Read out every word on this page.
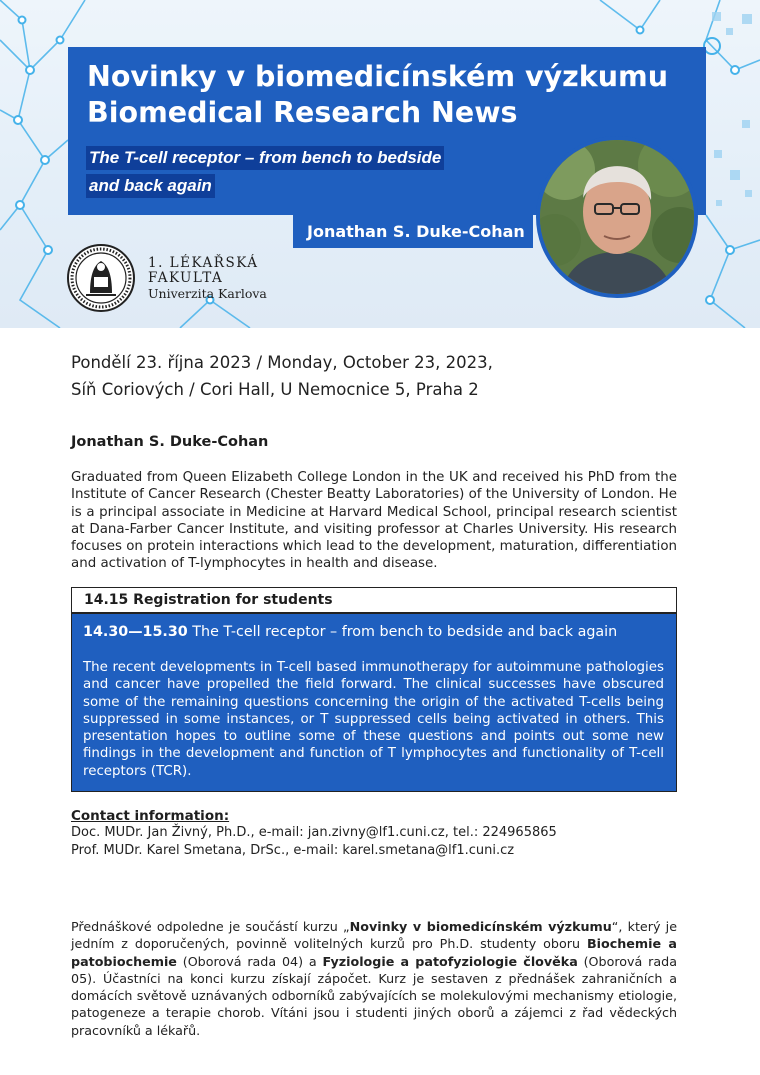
Novinky v biomedicínském výzkumu
Biomedical Research News
The T-cell receptor – from bench to bedside
and back again
Jonathan S. Duke-Cohan
1. LÉKAŘSKÁ
FAKULTA
Univerzita Karlova
Pondělí 23. října 2023 / Monday, October 23, 2023,
Síň Coriových / Cori Hall, U Nemocnice 5, Praha 2
Jonathan S. Duke-Cohan
Graduated from Queen Elizabeth College London in the UK and received his PhD from the Institute of Cancer Research (Chester Beatty Laboratories) of the University of London. He is a principal associate in Medicine at Harvard Medical School, principal research scientist at Dana-Farber Cancer Institute, and visiting professor at Charles University. His research focuses on protein interactions which lead to the development, maturation, differentiation and activation of T-lymphocytes in health and disease.
14.15 Registration for students
14.30—15.30 The T-cell receptor – from bench to bedside and back again
The recent developments in T-cell based immunotherapy for autoimmune pathologies and cancer have propelled the field forward. The clinical successes have obscured some of the remaining questions concerning the origin of the activated T-cells being suppressed in some instances, or T suppressed cells being activated in others. This presentation hopes to outline some of these questions and points out some new findings in the development and function of T lymphocytes and functionality of T-cell receptors (TCR).
Contact information:
Doc. MUDr. Jan Živný, Ph.D., e-mail: jan.zivny@lf1.cuni.cz, tel.: 224965865
Prof. MUDr. Karel Smetana, DrSc., e-mail: karel.smetana@lf1.cuni.cz
Přednáškové odpoledne je součástí kurzu „Novinky v biomedicínském výzkumu“, který je jedním z doporučených, povinně volitelných kurzů pro Ph.D. studenty oboru Biochemie a patobiochemie (Oborová rada 04) a Fyziologie a patofyziologie člověka (Oborová rada 05). Účastníci na konci kurzu získají zápočet. Kurz je sestaven z přednášek zahraničních a domácích světově uznávaných odborníků zabývajících se molekulovými mechanismy etiologie, patogeneze a terapie chorob. Vítáni jsou i studenti jiných oborů a zájemci z řad vědeckých pracovníků a lékařů.
